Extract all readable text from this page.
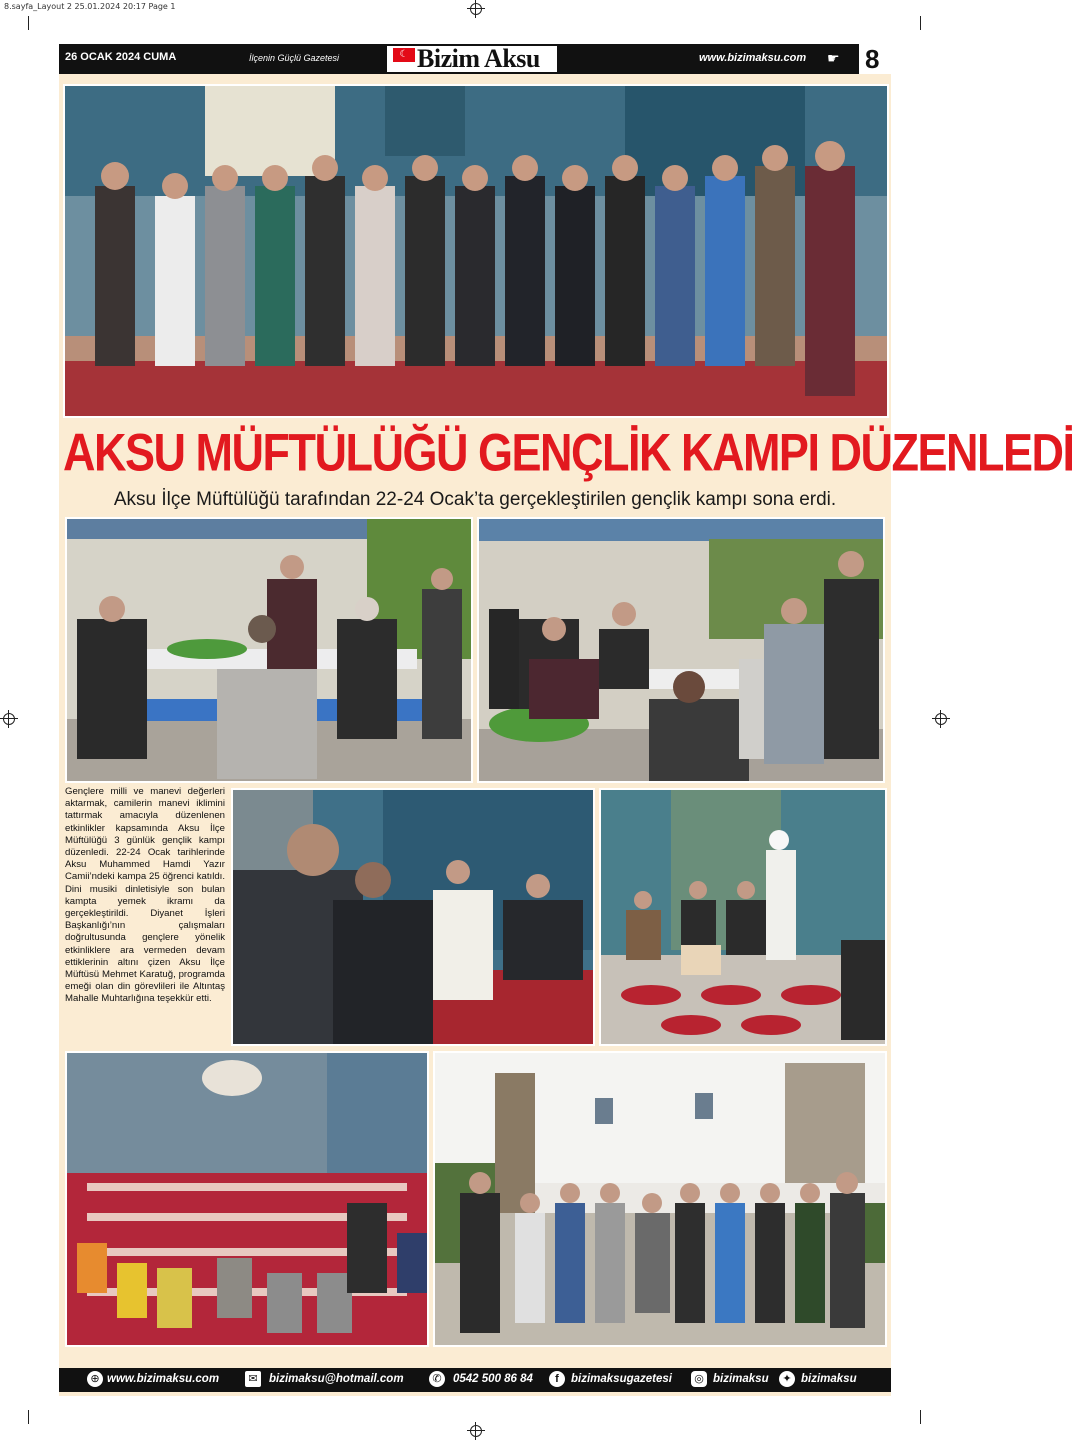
8.sayfa_Layout 2 25.01.2024 20:17 Page 1
26 OCAK 2024 CUMA	İlçenin Güçlü Gazetesi	☾ Bizim Aksu	www.bizimaksu.com ☛ 8
AKSU MÜFTÜLÜĞÜ GENÇLİK KAMPI DÜZENLEDİ
Aksu İlçe Müftülüğü tarafından 22-24 Ocak’ta gerçekleştirilen gençlik kampı sona erdi.
Gençlere milli ve manevi değerleri aktarmak, camilerin manevi iklimini tattırmak amacıyla düzenlenen etkinlikler kapsamında Aksu İlçe Müftülüğü 3 günlük gençlik kampı düzenledi. 22-24 Ocak tarihlerinde Aksu Muhammed Hamdi Yazır Camii’ndeki kampa 25 öğrenci katıldı. Dini musiki dinletisiyle son bulan kampta yemek ikramı da gerçekleştirildi. Diyanet İşleri Başkanlığı’nın çalışmaları doğrultusunda gençlere yönelik etkinliklere ara vermeden devam ettiklerinin altını çizen Aksu İlçe Müftüsü Mehmet Karatuğ, programda emeği olan din görevlileri ile Altıntaş Mahalle Muhtarlığına teşekkür etti.
⊕ www.bizimaksu.com	✉ bizimaksu@hotmail.com	✆ 0542 500 86 84	f	bizimaksugazetesi ◎ bizimaksu	✦ bizimaksu
